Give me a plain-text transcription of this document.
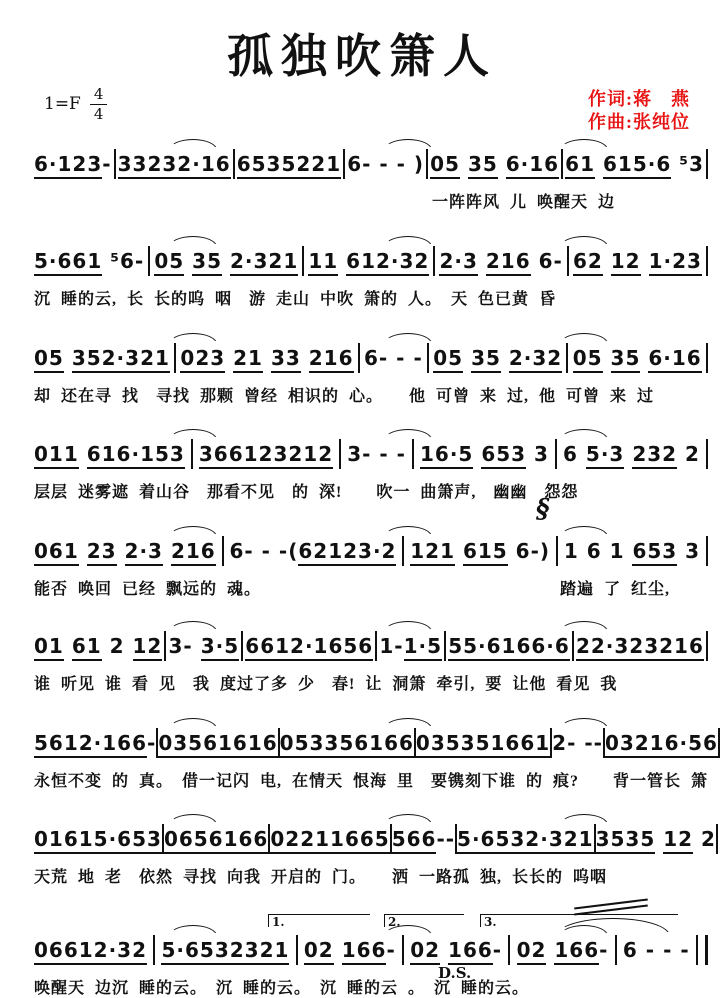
孤独吹箫人
$1=F \frac{4}{4}$	作词:蒋　燕
作曲:张纯位
6·123- 33232·16 6535221 6- - - ) 05 35 6·16 61 615·6 ⁵3
一阵阵风 儿 唤醒天 边
5·661 ⁵6- 05 35 2·321 11 612·32 2·3 216 6- 62 12 1·23
沉 睡的云, 长 长的呜 咽　游 走山 中吹 箫的 人。　天 色已黄 昏
05 352·321 023 21 33 216 6- - - 05 35 2·32 05 35 6·16
却 还在寻 找　寻找 那颗 曾经 相识的 心。　　他 可曾 来 过, 他 可曾 来 过
011 616·153 366123212 3- - - 16·5 653 3 6 5·3 232 2
层层 迷雾遮 着山谷　那看不见　的 深!　　吹一 曲箫声,　幽幽　怨怨
061 23 2·3 216 6- - -(62123·2 121 615 6-) 1 6 1 653 3
能否 唤回 已经 飘远的 魂。	踏遍 了 红尘,
01 61 2 12 3- 3·5 6612·1656 1-1·5 55·6166·6 22·323216
谁 听见 谁 看 见　我 度过了多 少　春! 让 洞箫 牵引, 要 让他 看见 我
5612·166- 03561616 053356166 035351661 2- -- 03216·56
永恒不变 的 真。　借一记闪 电, 在情天 恨海 里　要镌刻下谁 的 痕?　　背一管长 箫
01615·653 0656166 02211665 566-- 5·6532·321 3535 12 2
天荒 地 老　依然 寻找 向我 开启的 门。　　洒 一路孤 独, 长长的 呜咽
06612·32 5·6532321 02 166- 02 166- 02 166- 6 - - -
唤醒天 边沉 睡的云。　沉 睡的云。　沉 睡的云 。　沉 睡的云。
§
1.	2.	3.
D.S.
